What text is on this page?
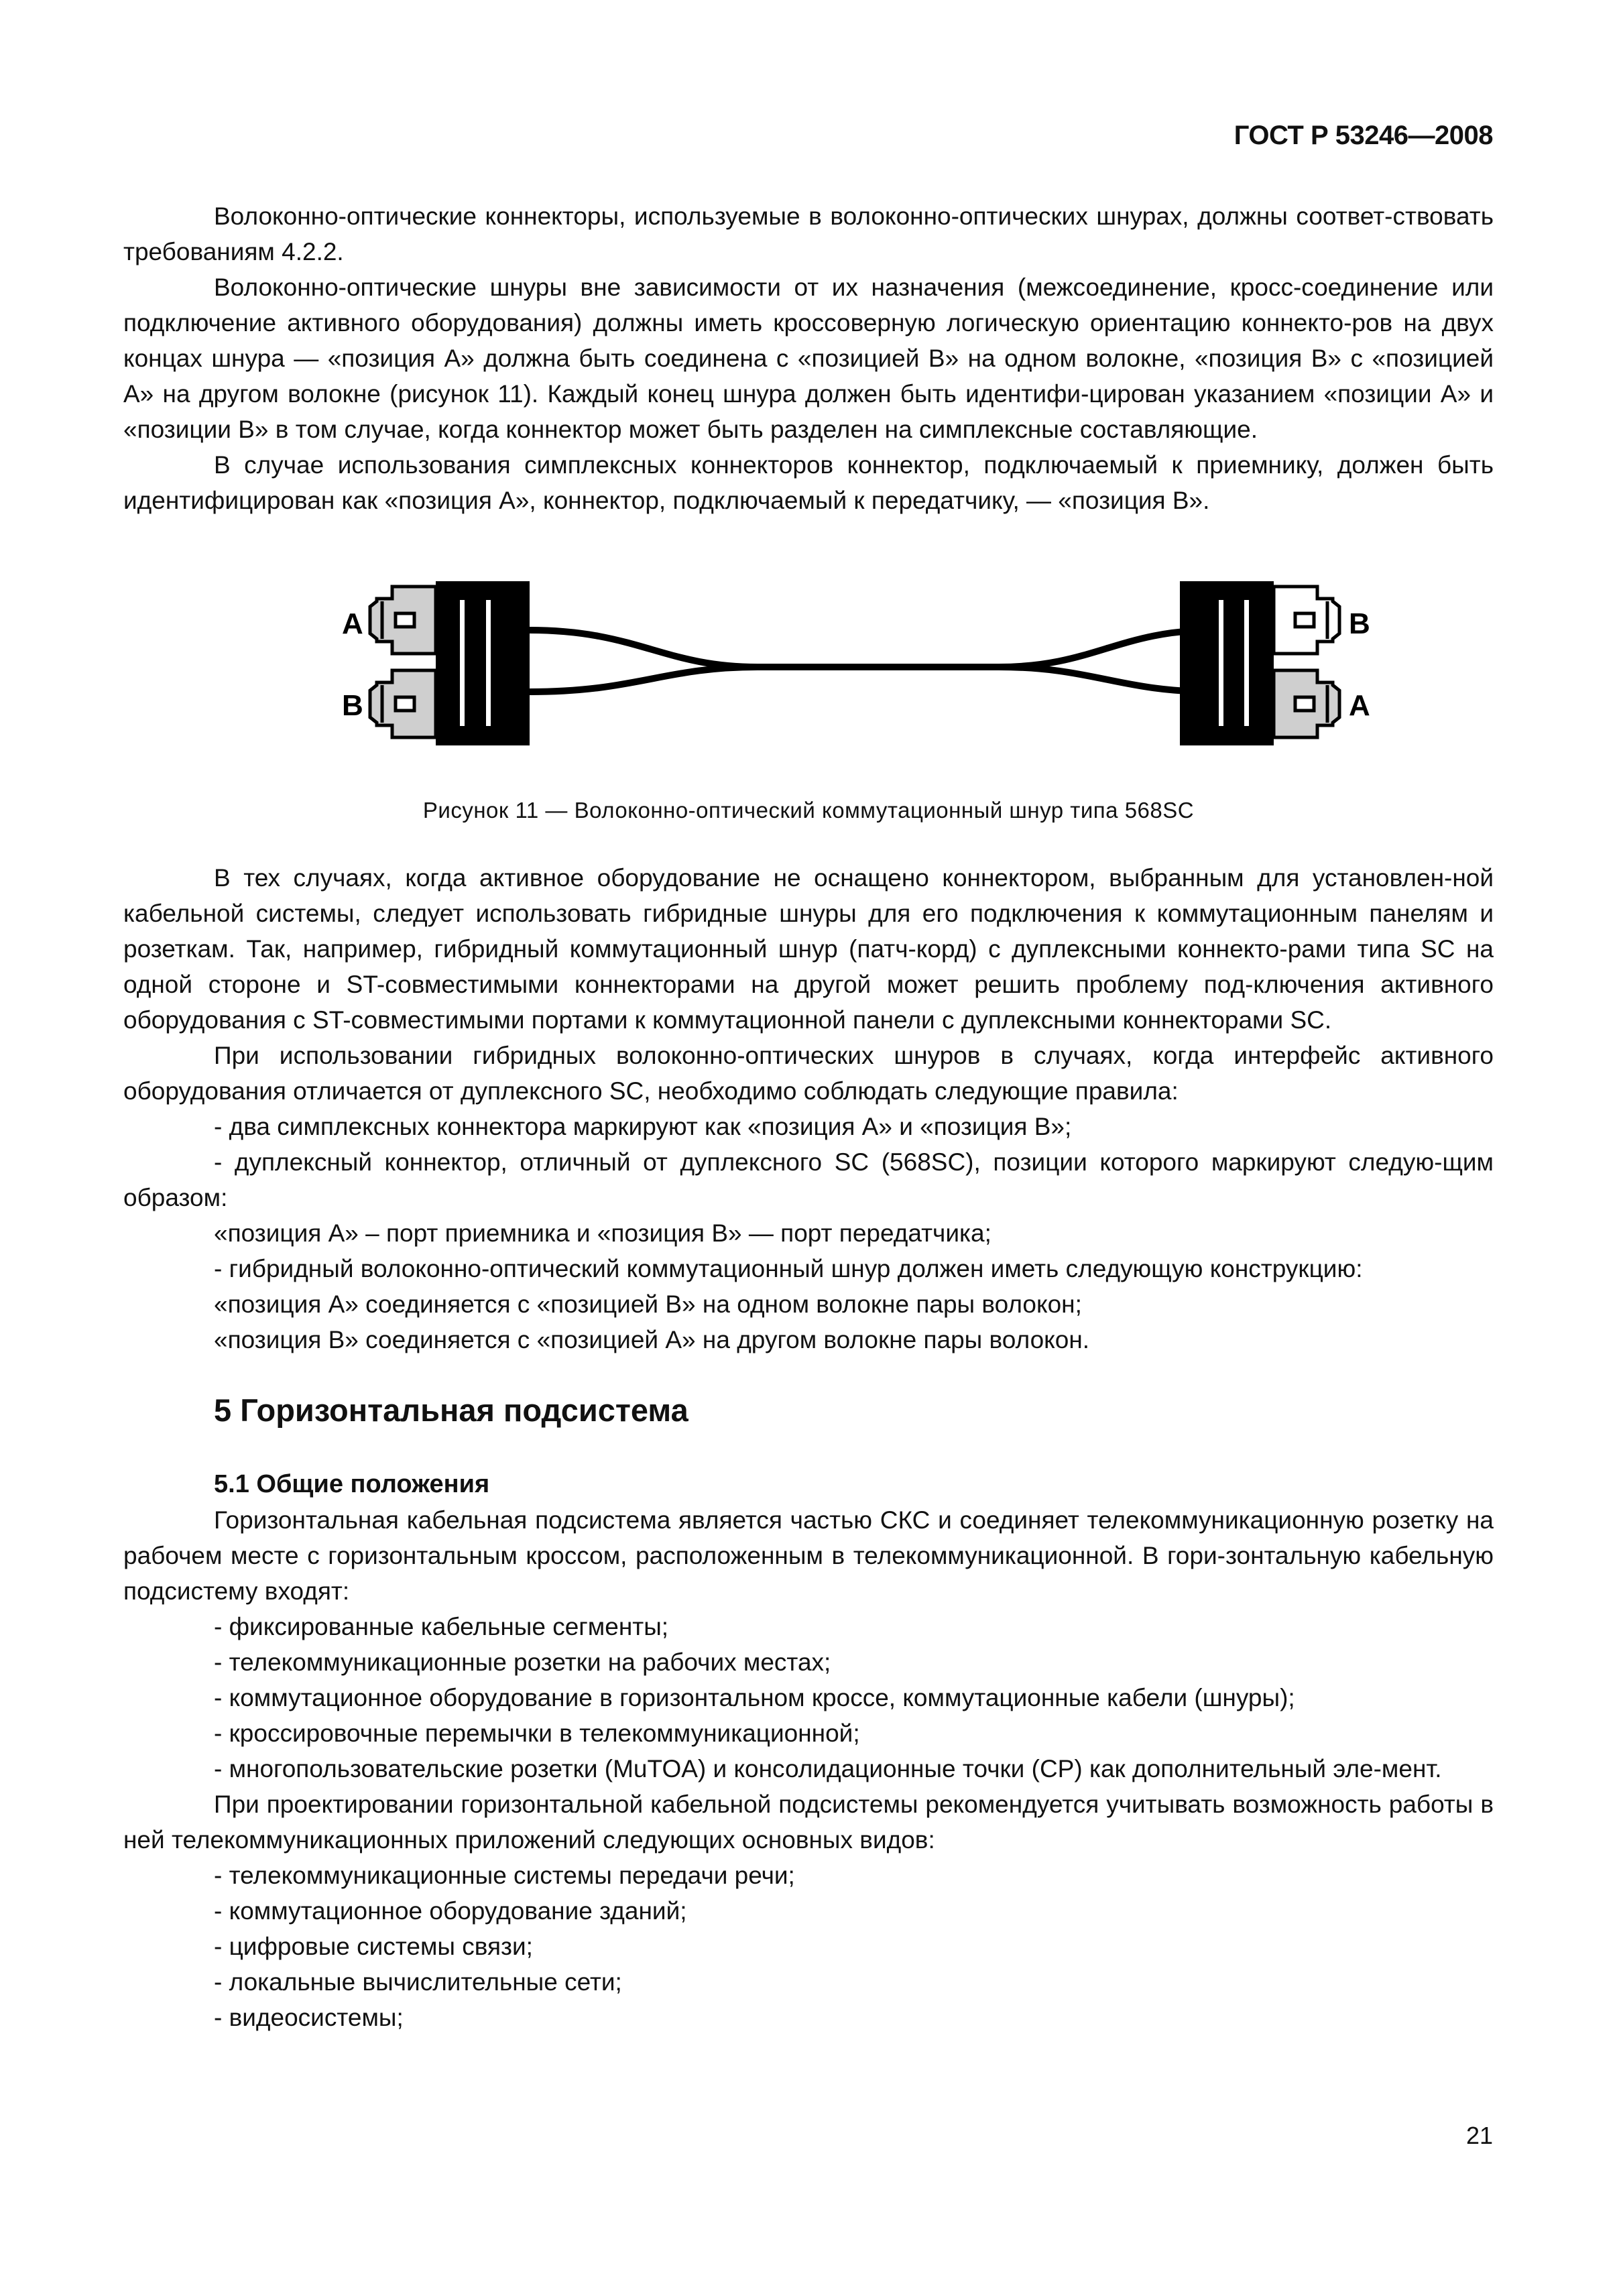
ГОСТ Р 53246—2008

Волоконно-оптические коннекторы, используемые в волоконно-оптических шнурах, должны соответ-ствовать требованиям 4.2.2.

Волоконно-оптические шнуры вне зависимости от их назначения (межсоединение, кросс-соединение или подключение активного оборудования) должны иметь кроссоверную логическую ориентацию коннекто-ров на двух концах шнура — «позиция А» должна быть соединена с «позицией В» на одном волокне, «позиция В» с «позицией А» на другом волокне (рисунок 11). Каждый конец шнура должен быть идентифи-цирован указанием «позиции А» и «позиции В» в том случае, когда коннектор может быть разделен на симплексные составляющие.

В случае использования симплексных коннекторов коннектор, подключаемый к приемнику, должен быть идентифицирован как «позиция А», коннектор, подключаемый к передатчику, — «позиция В».

А
В
В
А

Рисунок 11 — Волоконно-оптический коммутационный шнур типа 568SC

В тех случаях, когда активное оборудование не оснащено коннектором, выбранным для установлен-ной кабельной системы, следует использовать гибридные шнуры для его подключения к коммутационным панелям и розеткам. Так, например, гибридный коммутационный шнур (патч-корд) с дуплексными коннекто-рами типа SC на одной стороне и ST-совместимыми коннекторами на другой может решить проблему под-ключения активного оборудования с ST-совместимыми портами к коммутационной панели с дуплексными коннекторами SC.

При использовании гибридных волоконно-оптических шнуров в случаях, когда интерфейс активного оборудования отличается от дуплексного SC, необходимо соблюдать следующие правила:

- два симплексных коннектора маркируют как «позиция А» и «позиция В»;

- дуплексный коннектор, отличный от дуплексного SC (568SC), позиции которого маркируют следую-щим образом:

«позиция А» – порт приемника и «позиция В» — порт передатчика;

- гибридный волоконно-оптический коммутационный шнур должен иметь следующую конструкцию:

«позиция А» соединяется с «позицией В» на одном волокне пары волокон;

«позиция В» соединяется с «позицией А» на другом волокне пары волокон.

5 Горизонтальная подсистема

5.1 Общие положения

Горизонтальная кабельная подсистема является частью СКС и соединяет телекоммуникационную розетку на рабочем месте с горизонтальным кроссом, расположенным в телекоммуникационной. В гори-зонтальную кабельную подсистему входят:

- фиксированные кабельные сегменты;

- телекоммуникационные розетки на рабочих местах;

- коммутационное оборудование в горизонтальном кроссе, коммутационные кабели (шнуры);

- кроссировочные перемычки в телекоммуникационной;

- многопользовательские розетки (MuTOA) и консолидационные точки (CP) как дополнительный эле-мент.

При проектировании горизонтальной кабельной подсистемы рекомендуется учитывать возможность работы в ней телекоммуникационных приложений следующих основных видов:

- телекоммуникационные системы передачи речи;

- коммутационное оборудование зданий;

- цифровые системы связи;

- локальные вычислительные сети;

- видеосистемы;

21
